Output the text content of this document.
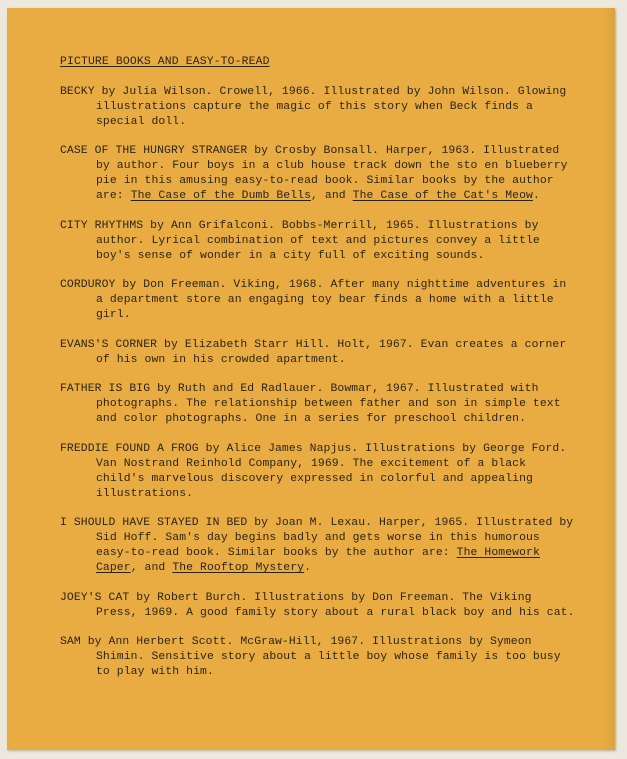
PICTURE BOOKS AND EASY-TO-READ
BECKY by Julia Wilson. Crowell, 1966. Illustrated by John Wilson. Glowing illustrations capture the magic of this story when Beck finds a special doll.
CASE OF THE HUNGRY STRANGER by Crosby Bonsall. Harper, 1963. Illustrated by author. Four boys in a club house track down the sto en blueberry pie in this amusing easy-to-read book. Similar books by the author are: The Case of the Dumb Bells, and The Case of the Cat's Meow.
CITY RHYTHMS by Ann Grifalconi. Bobbs-Merrill, 1965. Illustrations by author. Lyrical combination of text and pictures convey a little boy's sense of wonder in a city full of exciting sounds.
CORDUROY by Don Freeman. Viking, 1968. After many nighttime adventures in a department store an engaging toy bear finds a home with a little girl.
EVANS'S CORNER by Elizabeth Starr Hill. Holt, 1967. Evan creates a corner of his own in his crowded apartment.
FATHER IS BIG by Ruth and Ed Radlauer. Bowmar, 1967. Illustrated with photographs. The relationship between father and son in simple text and color photographs. One in a series for preschool children.
FREDDIE FOUND A FROG by Alice James Napjus. Illustrations by George Ford. Van Nostrand Reinhold Company, 1969. The excitement of a black child's marvelous discovery expressed in colorful and appealing illustrations.
I SHOULD HAVE STAYED IN BED by Joan M. Lexau. Harper, 1965. Illustrated by Sid Hoff. Sam's day begins badly and gets worse in this humorous easy-to-read book. Similar books by the author are: The Homework Caper, and The Rooftop Mystery.
JOEY'S CAT by Robert Burch. Illustrations by Don Freeman. The Viking Press, 1969. A good family story about a rural black boy and his cat.
SAM by Ann Herbert Scott. McGraw-Hill, 1967. Illustrations by Symeon Shimin. Sensitive story about a little boy whose family is too busy to play with him.
